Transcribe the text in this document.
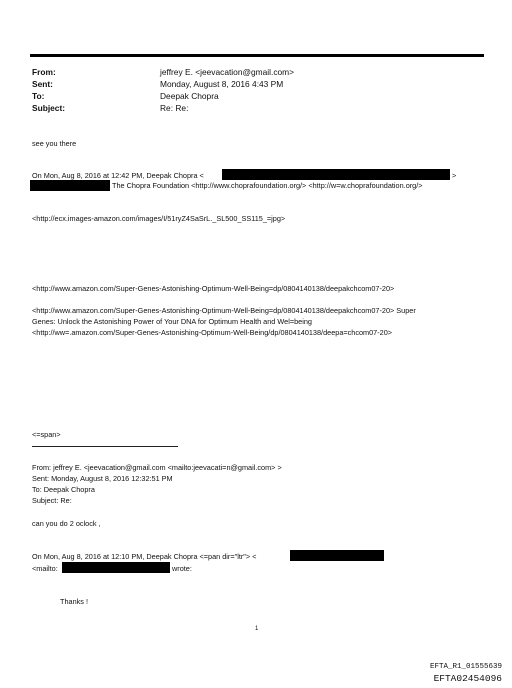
From:	jeffrey E. <jeevacation@gmail.com>
Sent:	Monday, August 8, 2016 4:43 PM
To:	Deepak Chopra
Subject:	Re: Re:
see you there
On Mon, Aug 8, 2016 at 12:42 PM, Deepak Chopra <	>
The Chopra Foundation <http://www.choprafoundation.org/> <http://w=w.choprafoundation.org/>
<http://ecx.images-amazon.com/images/I/51ryZ4SaSrL._SL500_SS115_=jpg>
<http://www.amazon.com/Super-Genes-Astonishing-Optimum-Well-Being=dp/0804140138/deepakchcom07-20>
<http://www.amazon.com/Super-Genes-Astonishing-Optimum-Well-Being=dp/0804140138/deepakchcom07-20> Super
Genes: Unlock the Astonishing Power of Your DNA for Optimum Health and Wel=being
<http://ww=.amazon.com/Super-Genes-Astonishing-Optimum-Well-Being/dp/0804140138/deepa=chcom07-20>
<=span>
From: jeffrey E. <jeevacation@gmail.com <mailto:jeevacati=n@gmail.com> >
Sent: Monday, August 8, 2016 12:32:51 PM
To: Deepak Chopra
Subject: Re:
can you do 2 oclock ,
On Mon, Aug 8, 2016 at 12:10 PM, Deepak Chopra <=pan dir="ltr"> <
<mailto:	wrote:
Thanks !
1
EFTA_R1_01555639
EFTA02454096
